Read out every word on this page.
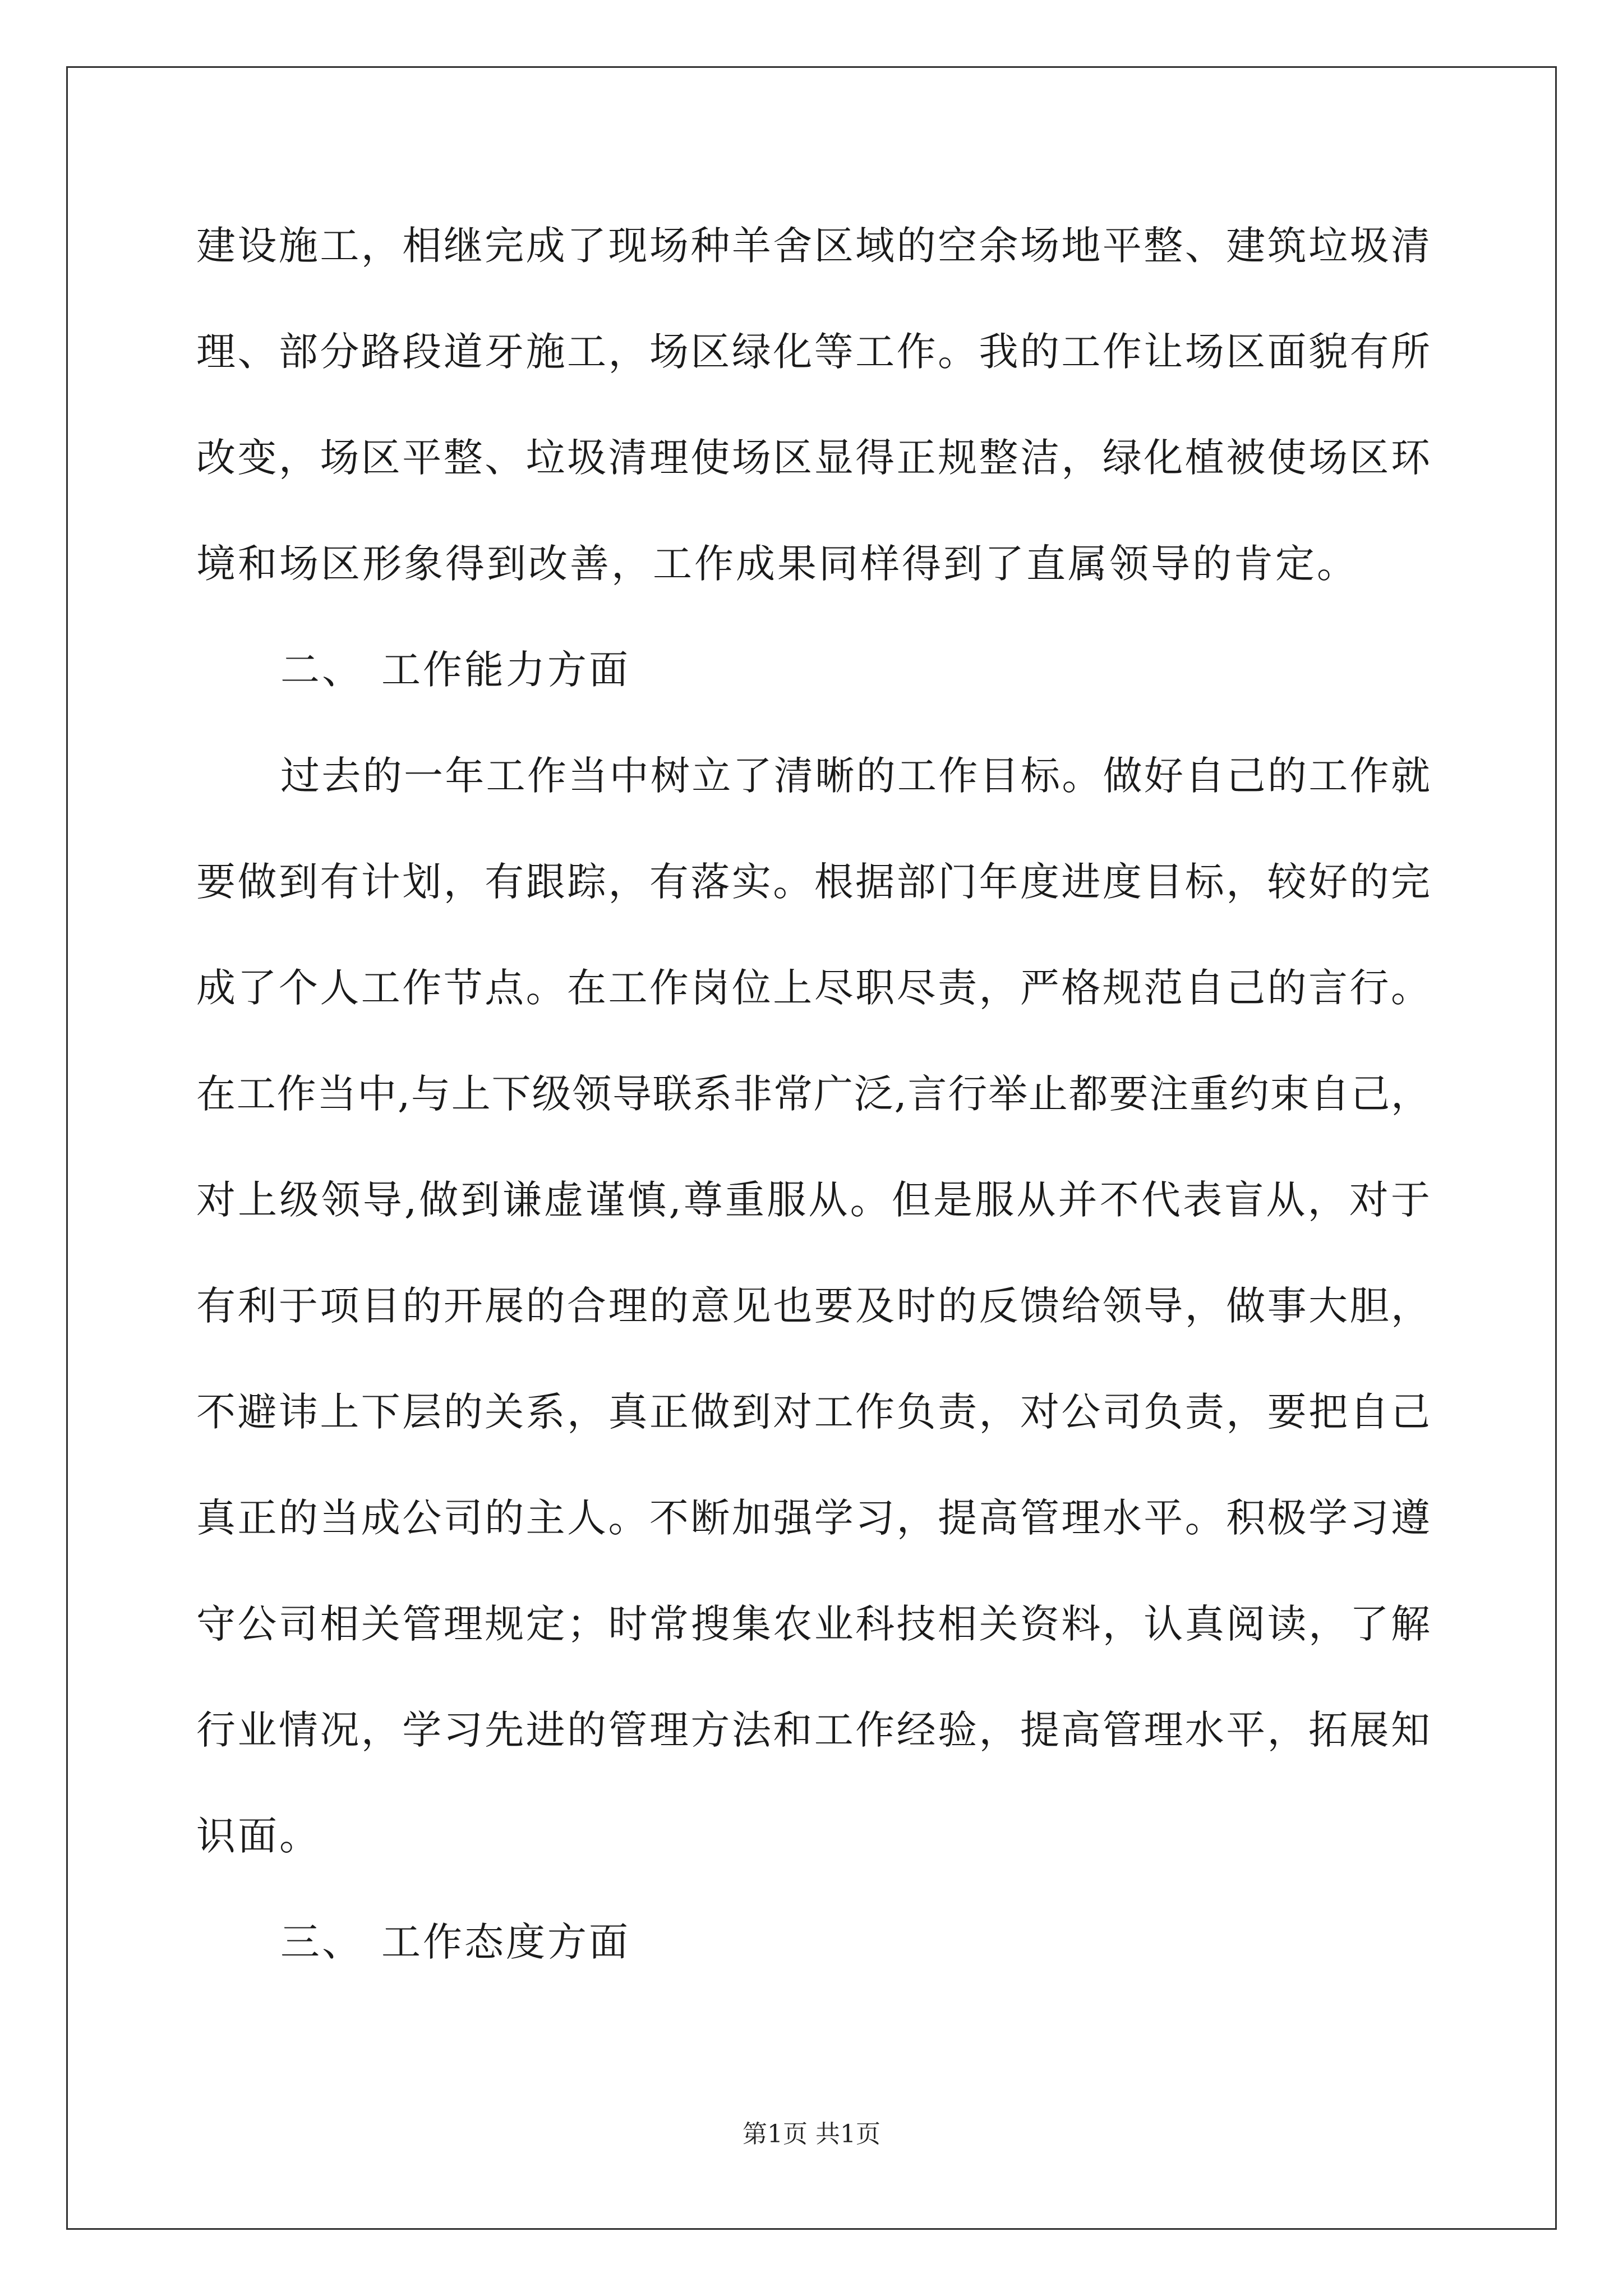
建设施工，相继完成了现场种羊舍区域的空余场地平整、建筑垃圾清
理、部分路段道牙施工，场区绿化等工作。我的工作让场区面貌有所
改变，场区平整、垃圾清理使场区显得正规整洁，绿化植被使场区环
境和场区形象得到改善，工作成果同样得到了直属领导的肯定。
二、 工作能力方面
过去的一年工作当中树立了清晰的工作目标。做好自己的工作就
要做到有计划，有跟踪，有落实。根据部门年度进度目标，较好的完
成了个人工作节点。在工作岗位上尽职尽责，严格规范自己的言行。
在工作当中,与上下级领导联系非常广泛,言行举止都要注重约束自己，
对上级领导,做到谦虚谨慎,尊重服从。但是服从并不代表盲从，对于
有利于项目的开展的合理的意见也要及时的反馈给领导，做事大胆，
不避讳上下层的关系，真正做到对工作负责，对公司负责，要把自己
真正的当成公司的主人。不断加强学习，提高管理水平。积极学习遵
守公司相关管理规定；时常搜集农业科技相关资料，认真阅读，了解
行业情况，学习先进的管理方法和工作经验，提高管理水平，拓展知
识面。
三、 工作态度方面
第1页 共1页
